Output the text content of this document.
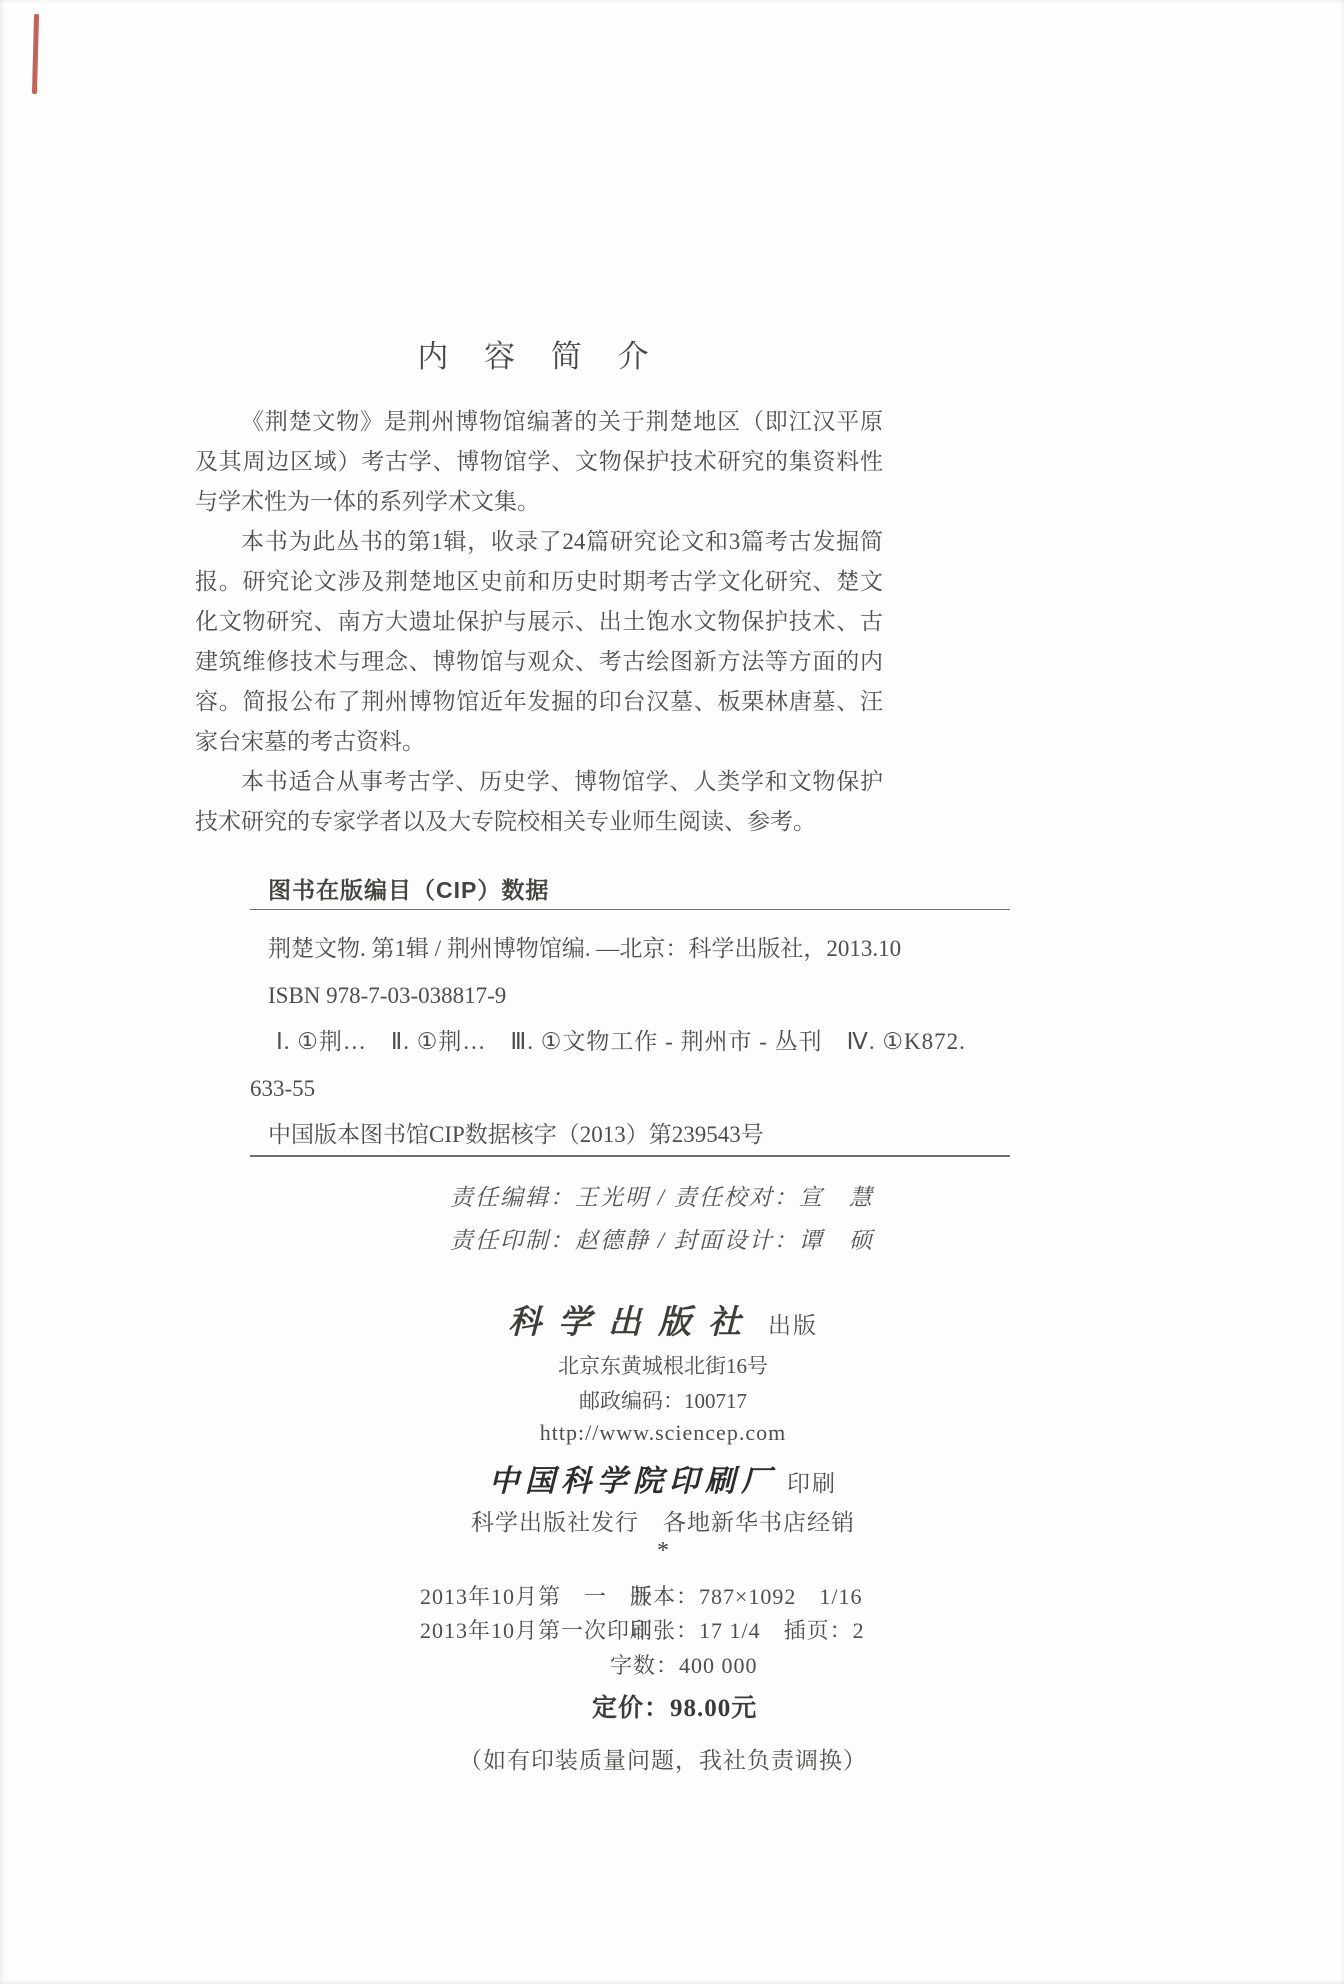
内 容 简 介

《荆楚文物》是荆州博物馆编著的关于荆楚地区（即江汉平原及其周边区域）考古学、博物馆学、文物保护技术研究的集资料性与学术性为一体的系列学术文集。

本书为此丛书的第1辑，收录了24篇研究论文和3篇考古发掘简报。研究论文涉及荆楚地区史前和历史时期考古学文化研究、楚文化文物研究、南方大遗址保护与展示、出土饱水文物保护技术、古建筑维修技术与理念、博物馆与观众、考古绘图新方法等方面的内容。简报公布了荆州博物馆近年发掘的印台汉墓、板栗林唐墓、汪家台宋墓的考古资料。

本书适合从事考古学、历史学、博物馆学、人类学和文物保护技术研究的专家学者以及大专院校相关专业师生阅读、参考。

图书在版编目（CIP）数据

荆楚文物. 第1辑 / 荆州博物馆编. —北京：科学出版社，2013.10

ISBN 978-7-03-038817-9

Ⅰ. ①荆…　Ⅱ. ①荆…　Ⅲ. ①文物工作 - 荆州市 - 丛刊　Ⅳ. ①K872.

633-55

中国版本图书馆CIP数据核字（2013）第239543号

责任编辑：王光明 / 责任校对：宣　慧

责任印制：赵德静 / 封面设计：谭　硕

科学出版社 出版

北京东黄城根北街16号

邮政编码：100717

http://www.sciencep.com

中国科学院印刷厂 印刷

科学出版社发行　各地新华书店经销

*

2013年10月第　一　版

开本：787×1092　1/16

2013年10月第一次印刷

印张：17 1/4　插页：2

字数：400 000

定价：98.00元

（如有印装质量问题，我社负责调换）
